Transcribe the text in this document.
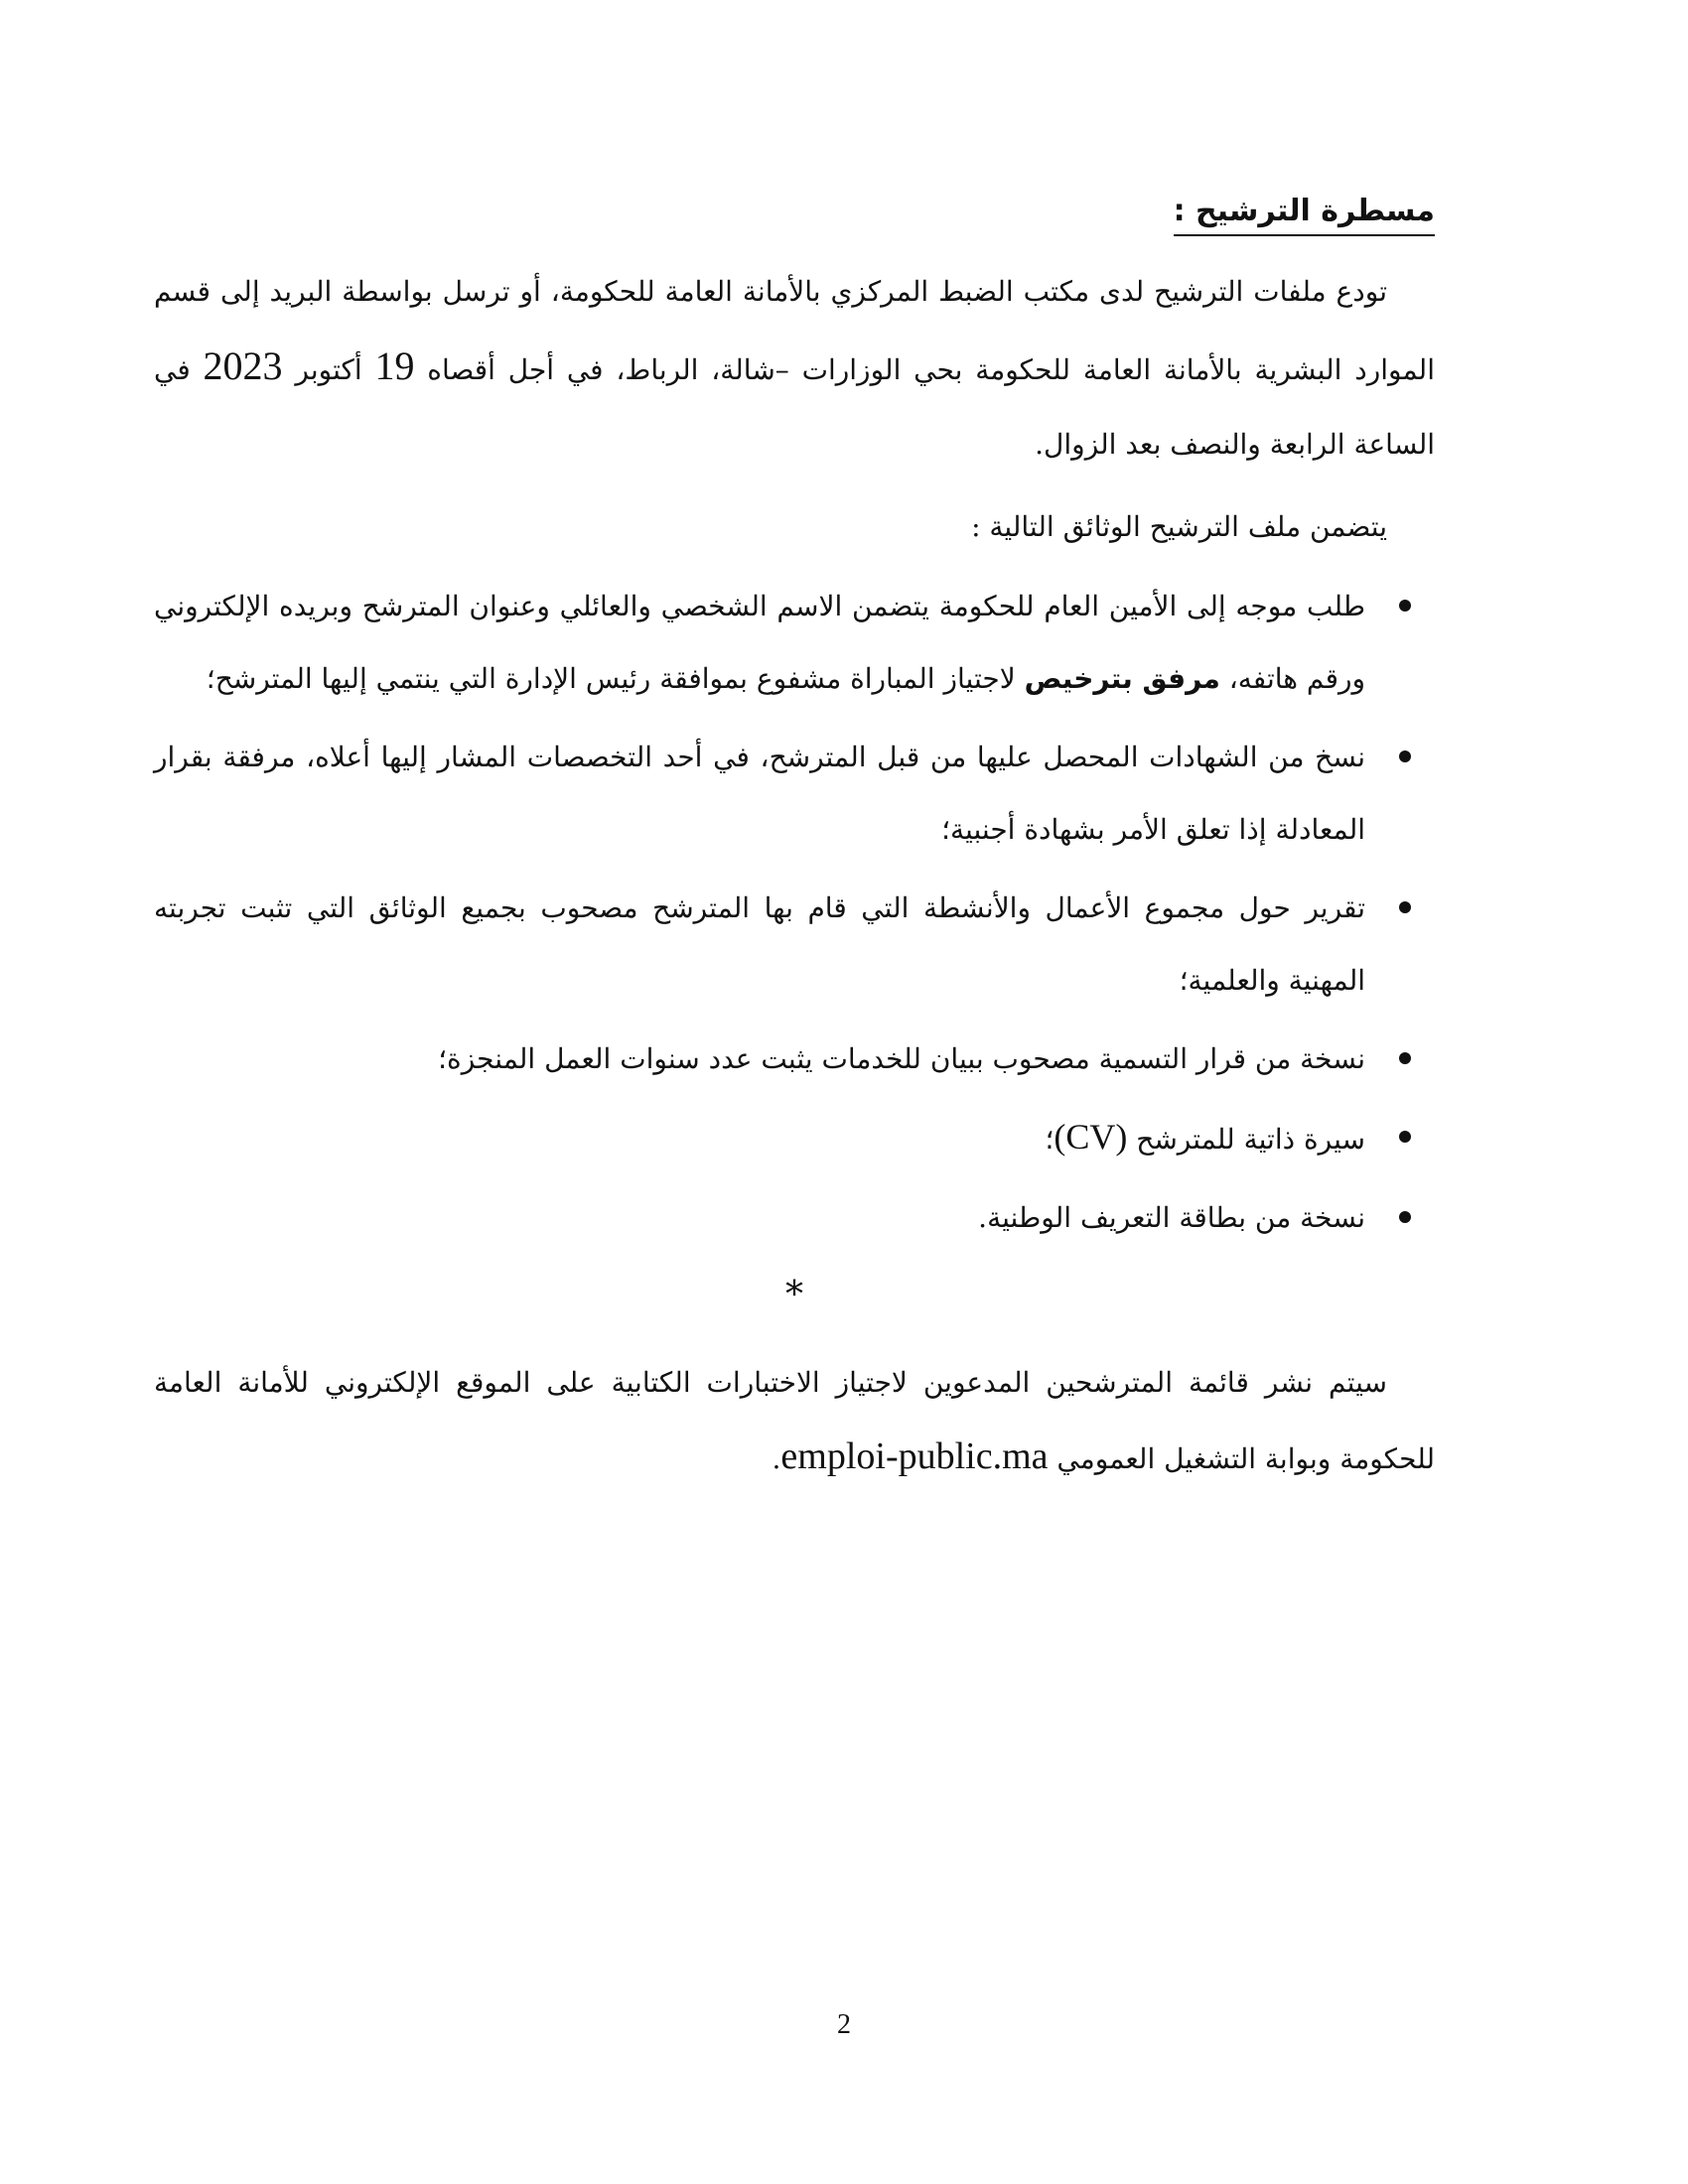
مسطرة الترشيح :

تودع ملفات الترشيح لدى مكتب الضبط المركزي بالأمانة العامة للحكومة، أو ترسل بواسطة البريد إلى قسم الموارد البشرية بالأمانة العامة للحكومة بحي الوزارات –شالة، الرباط، في أجل أقصاه 19 أكتوبر 2023 في الساعة الرابعة والنصف بعد الزوال.

يتضمن ملف الترشيح الوثائق التالية :

طلب موجه إلى الأمين العام للحكومة يتضمن الاسم الشخصي والعائلي وعنوان المترشح وبريده الإلكتروني ورقم هاتفه، مرفق بترخيص لاجتياز المباراة مشفوع بموافقة رئيس الإدارة التي ينتمي إليها المترشح؛
نسخ من الشهادات المحصل عليها من قبل المترشح، في أحد التخصصات المشار إليها أعلاه، مرفقة بقرار المعادلة إذا تعلق الأمر بشهادة أجنبية؛
تقرير حول مجموع الأعمال والأنشطة التي قام بها المترشح مصحوب بجميع الوثائق التي تثبت تجربته المهنية والعلمية؛
نسخة من قرار التسمية مصحوب ببيان للخدمات يثبت عدد سنوات العمل المنجزة؛
سيرة ذاتية للمترشح (CV)؛
نسخة من بطاقة التعريف الوطنية.
*

سيتم نشر قائمة المترشحين المدعوين لاجتياز الاختبارات الكتابية على الموقع الإلكتروني للأمانة العامة للحكومة وبوابة التشغيل العمومي emploi-public.ma.

2
